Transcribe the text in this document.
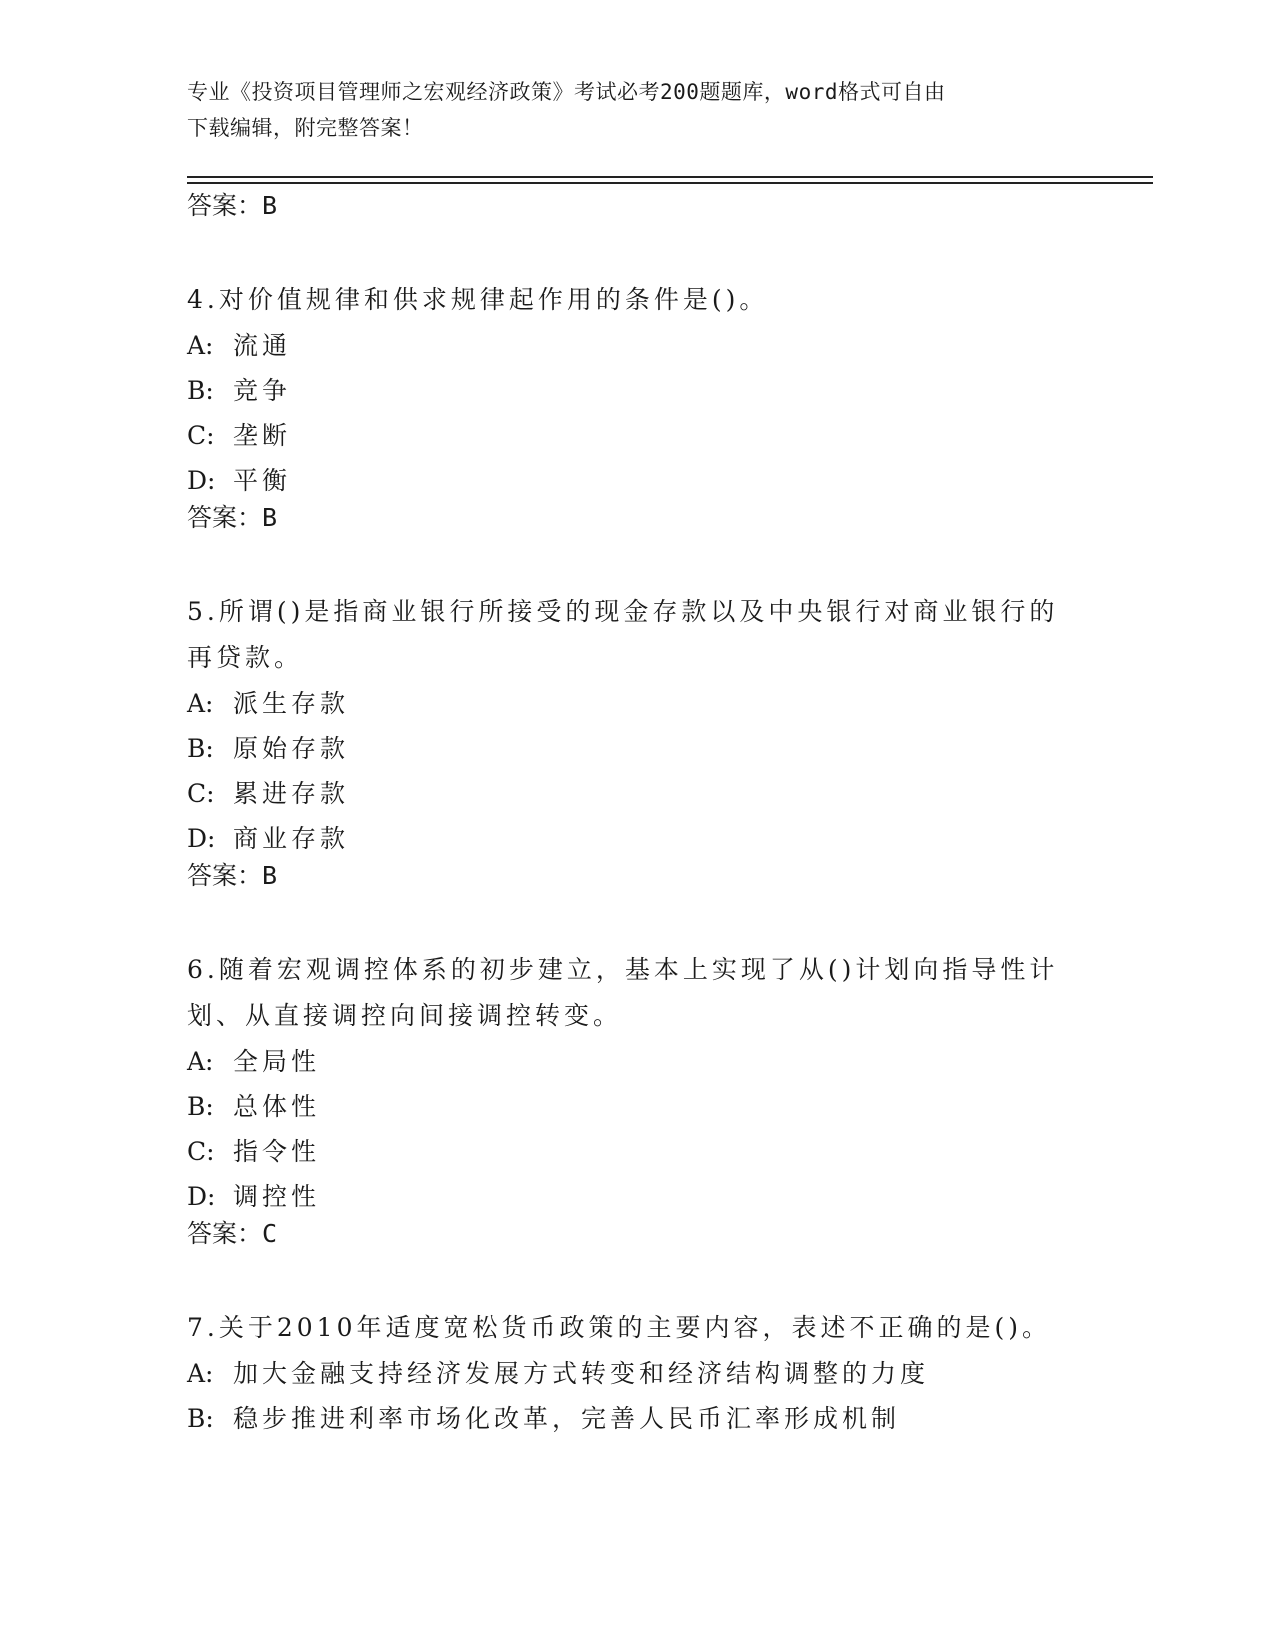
专业《投资项目管理师之宏观经济政策》考试必考200题题库，word格式可自由
下载编辑，附完整答案！

答案：B

4.对价值规律和供求规律起作用的条件是()。

A: 流通

B: 竞争

C: 垄断

D: 平衡

答案：B

5.所谓()是指商业银行所接受的现金存款以及中央银行对商业银行的再贷款。

A: 派生存款

B: 原始存款

C: 累进存款

D: 商业存款

答案：B

6.随着宏观调控体系的初步建立，基本上实现了从()计划向指导性计划、从直接调控向间接调控转变。

A: 全局性

B: 总体性

C: 指令性

D: 调控性

答案：C

7.关于2010年适度宽松货币政策的主要内容，表述不正确的是()。

A: 加大金融支持经济发展方式转变和经济结构调整的力度

B: 稳步推进利率市场化改革，完善人民币汇率形成机制
